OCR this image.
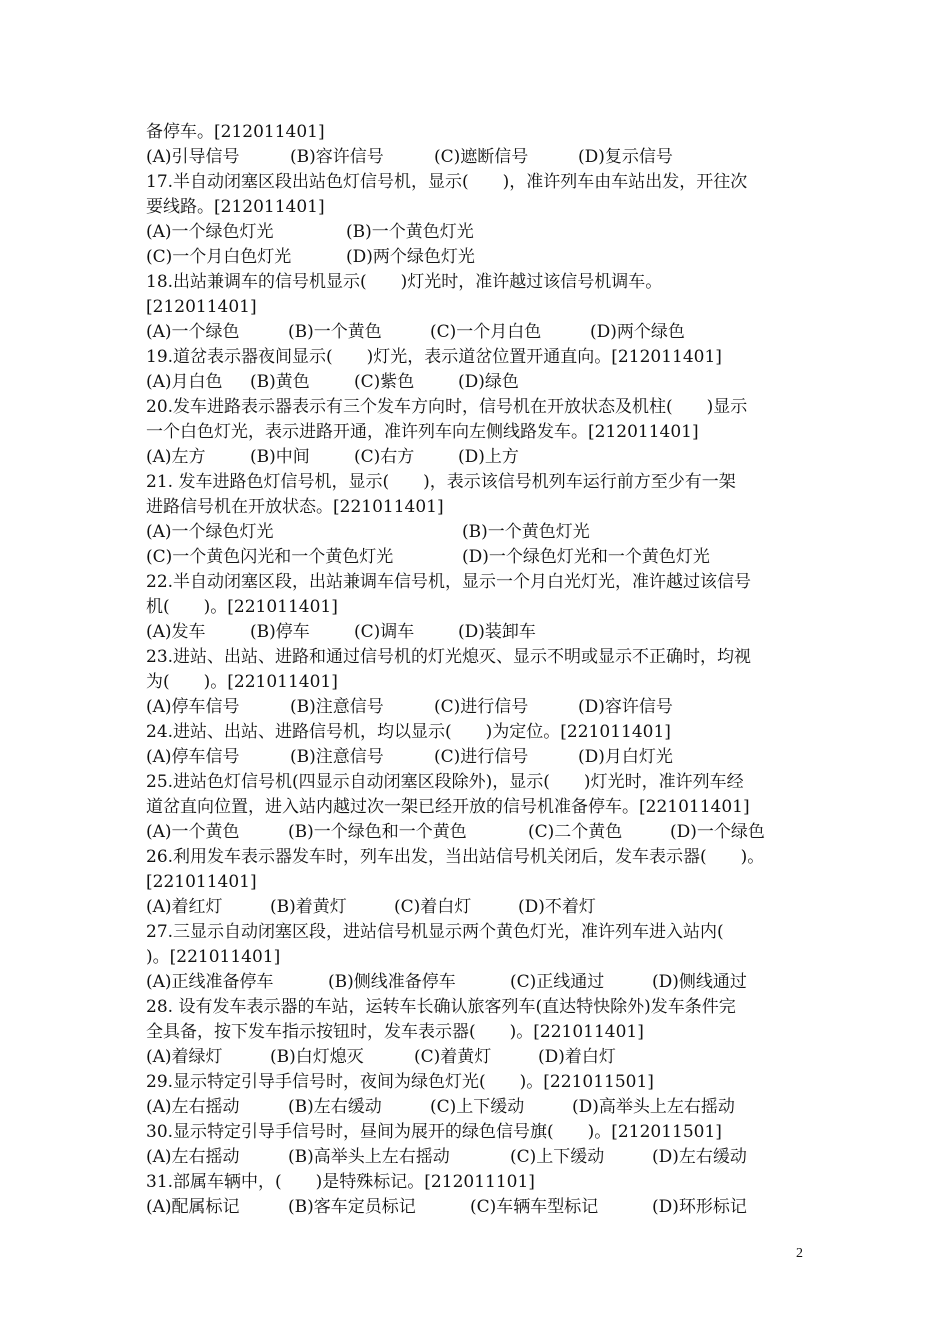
备停车。[212011401]
(A)引导信号	(B)容许信号	(C)遮断信号	(D)复示信号
17.半自动闭塞区段出站色灯信号机，显示(　　)，准许列车由车站出发，开往次
要线路。[212011401]
(A)一个绿色灯光	(B)一个黄色灯光
(C)一个月白色灯光	(D)两个绿色灯光
18.出站兼调车的信号机显示(　　)灯光时，准许越过该信号机调车。
[212011401]
(A)一个绿色	(B)一个黄色	(C)一个月白色	(D)两个绿色
19.道岔表示器夜间显示(　　)灯光，表示道岔位置开通直向。[212011401]
(A)月白色 (B)黄色	(C)紫色	(D)绿色
20.发车进路表示器表示有三个发车方向时，信号机在开放状态及机柱(　　)显示
一个白色灯光，表示进路开通，准许列车向左侧线路发车。[212011401]
(A)左方	(B)中间	(C)右方	(D)上方
21. 发车进路色灯信号机，显示(　　)，表示该信号机列车运行前方至少有一架
进路信号机在开放状态。[221011401]
(A)一个绿色灯光	(B)一个黄色灯光
(C)一个黄色闪光和一个黄色灯光	(D)一个绿色灯光和一个黄色灯光
22.半自动闭塞区段，出站兼调车信号机，显示一个月白光灯光，准许越过该信号
机(　　)。[221011401]
(A)发车	(B)停车	(C)调车	(D)装卸车
23.进站、出站、进路和通过信号机的灯光熄灭、显示不明或显示不正确时，均视
为(　　)。[221011401]
(A)停车信号	(B)注意信号	(C)进行信号	(D)容许信号
24.进站、出站、进路信号机，均以显示(　　)为定位。[221011401]
(A)停车信号	(B)注意信号	(C)进行信号	(D)月白灯光
25.进站色灯信号机(四显示自动闭塞区段除外)，显示(　　)灯光时，准许列车经
道岔直向位置，进入站内越过次一架已经开放的信号机准备停车。[221011401]
(A)一个黄色	(B)一个绿色和一个黄色	(C)二个黄色	(D)一个绿色
26.利用发车表示器发车时，列车出发，当出站信号机关闭后，发车表示器(　　)。
[221011401]
(A)着红灯	(B)着黄灯	(C)着白灯	(D)不着灯
27.三显示自动闭塞区段，进站信号机显示两个黄色灯光，准许列车进入站内(
)。[221011401]
(A)正线准备停车	(B)侧线准备停车	(C)正线通过	(D)侧线通过
28. 设有发车表示器的车站，运转车长确认旅客列车(直达特快除外)发车条件完
全具备，按下发车指示按钮时，发车表示器(　　)。[221011401]
(A)着绿灯	(B)白灯熄灭	(C)着黄灯	(D)着白灯
29.显示特定引导手信号时，夜间为绿色灯光(　　)。[221011501]
(A)左右摇动	(B)左右缓动	(C)上下缓动	(D)高举头上左右摇动
30.显示特定引导手信号时，昼间为展开的绿色信号旗(　　)。[212011501]
(A)左右摇动	(B)高举头上左右摇动	(C)上下缓动	(D)左右缓动
31.部属车辆中，(　　)是特殊标记。[212011101]
(A)配属标记	(B)客车定员标记	(C)车辆车型标记	(D)环形标记
2
